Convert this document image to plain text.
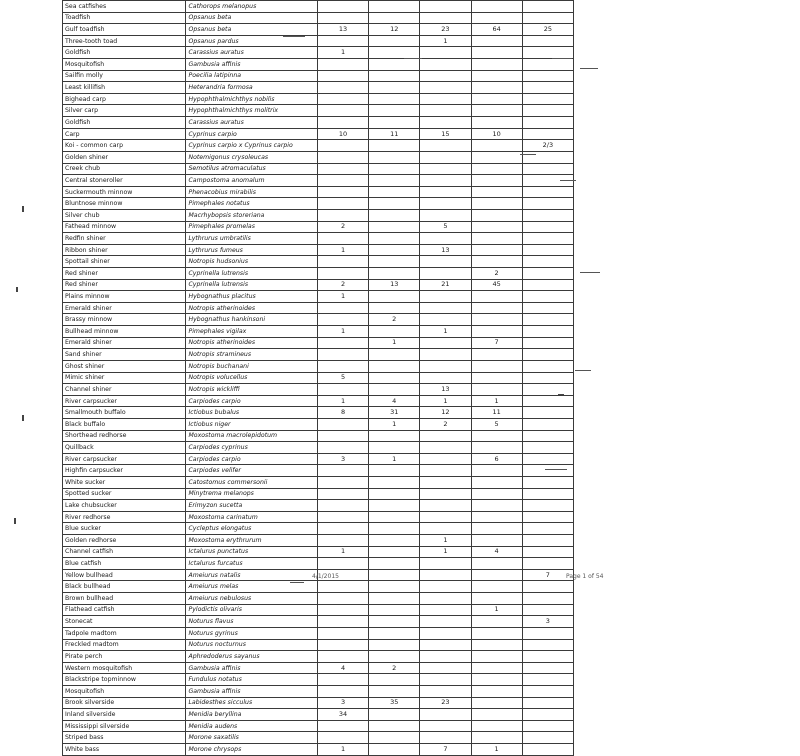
Sea catfishes	Cathorops melanopus					
Toadfish	Opsanus beta					
Gulf toadfish	Opsanus beta	13	12	23	64	25
Three-tooth toad	Opsanus pardus			1		
Goldfish	Carassius auratus	1				
Mosquitofish	Gambusia affinis					
Sailfin molly	Poecilia latipinna					
Least killifish	Heterandria formosa					
Bighead carp	Hypophthalmichthys nobilis					
Silver carp	Hypophthalmichthys molitrix					
Goldfish	Carassius auratus					
Carp	Cyprinus carpio	10	11	15	10	
Koi - common carp	Cyprinus carpio x Cyprinus carpio					2/3
Golden shiner	Notemigonus crysoleucas					
Creek chub	Semotilus atromaculatus					
Central stoneroller	Campostoma anomalum					
Suckermouth minnow	Phenacobius mirabilis					
Bluntnose minnow	Pimephales notatus					
Silver chub	Macrhybopsis storeriana					
Fathead minnow	Pimephales promelas	2		5		
Redfin shiner	Lythrurus umbratilis					
Ribbon shiner	Lythrurus fumeus	1		13		
Spottail shiner	Notropis hudsonius					
Red shiner	Cyprinella lutrensis				2	
Red shiner	Cyprinella lutrensis	2	13	21	45	
Plains minnow	Hybognathus placitus	1				
Emerald shiner	Notropis atherinoides					
Brassy minnow	Hybognathus hankinsoni		2			
Bullhead minnow	Pimephales vigilax	1		1		
Emerald shiner	Notropis atherinoides		1		7	
Sand shiner	Notropis stramineus					
Ghost shiner	Notropis buchanani					
Mimic shiner	Notropis volucellus	5				
Channel shiner	Notropis wickliffi			13		
River carpsucker	Carpiodes carpio	1	4	1	1	
Smallmouth buffalo	Ictiobus bubalus	8	31	12	11	
Black buffalo	Ictiobus niger		1	2	5	
Shorthead redhorse	Moxostoma macrolepidotum					
Quillback	Carpiodes cyprinus					
River carpsucker	Carpiodes carpio	3	1		6	
Highfin carpsucker	Carpiodes velifer					
White sucker	Catostomus commersonii					
Spotted sucker	Minytrema melanops					
Lake chubsucker	Erimyzon sucetta					
River redhorse	Moxostoma carinatum					
Blue sucker	Cycleptus elongatus					
Golden redhorse	Moxostoma erythrurum			1		
Channel catfish	Ictalurus punctatus	1		1	4	
Blue catfish	Ictalurus furcatus					
Yellow bullhead	Ameiurus natalis					7
Black bullhead	Ameiurus melas					
Brown bullhead	Ameiurus nebulosus					
Flathead catfish	Pylodictis olivaris				1	
Stonecat	Noturus flavus					3
Tadpole madtom	Noturus gyrinus					
Freckled madtom	Noturus nocturnus					
Pirate perch	Aphredoderus sayanus					
Western mosquitofish	Gambusia affinis	4	2			
Blackstripe topminnow	Fundulus notatus					
Mosquitofish	Gambusia affinis					
Brook silverside	Labidesthes sicculus	3	35	23		
Inland silverside	Menidia beryllina	34				
Mississippi silverside	Menidia audens					
Striped bass	Morone saxatilis					
White bass	Morone chrysops	1		7	1	
4/1/2015	Page 1 of 54
